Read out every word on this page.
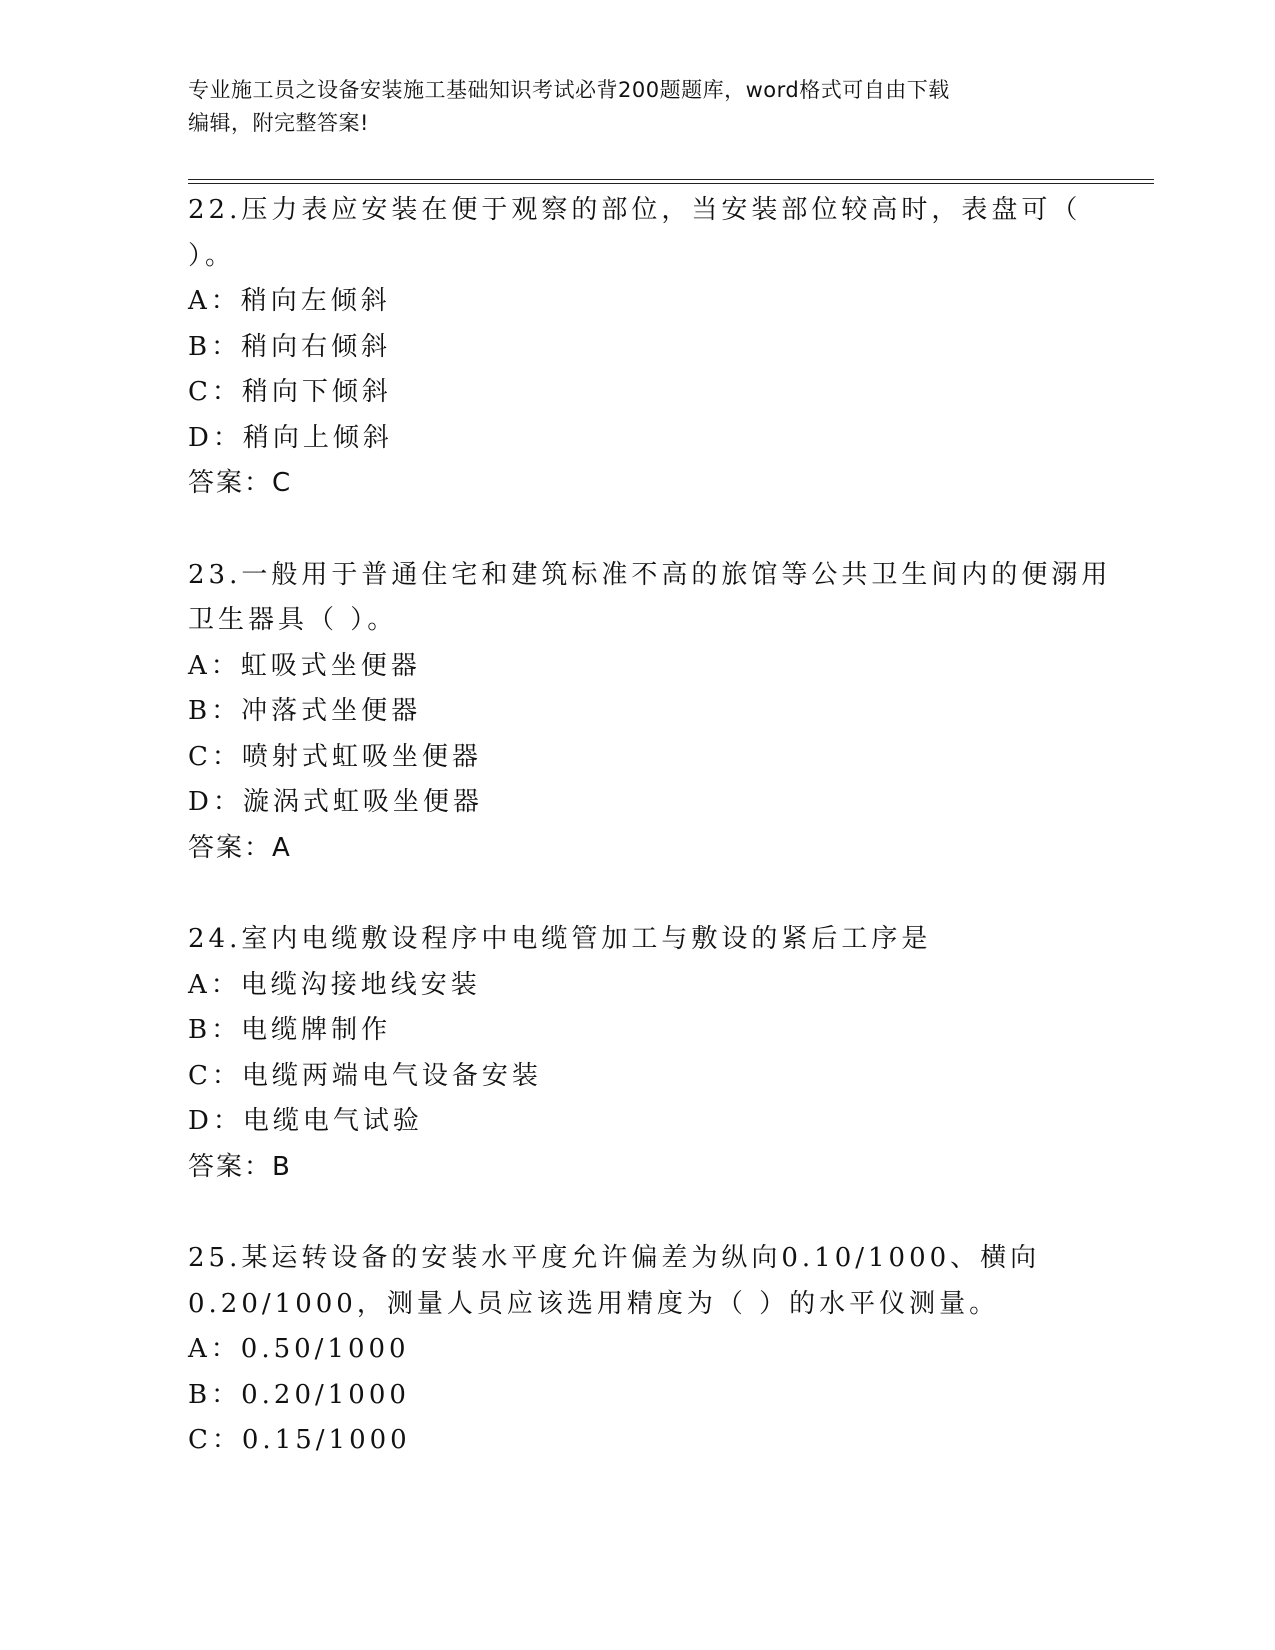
专业施工员之设备安装施工基础知识考试必背200题题库，word格式可自由下载
编辑，附完整答案!
22.压力表应安装在便于观察的部位，当安装部位较高时，表盘可（
）。
A：稍向左倾斜
B：稍向右倾斜
C：稍向下倾斜
D：稍向上倾斜
答案：C
23.一般用于普通住宅和建筑标准不高的旅馆等公共卫生间内的便溺用
卫生器具（ ）。
A：虹吸式坐便器
B：冲落式坐便器
C：喷射式虹吸坐便器
D：漩涡式虹吸坐便器
答案：A
24.室内电缆敷设程序中电缆管加工与敷设的紧后工序是
A：电缆沟接地线安装
B：电缆牌制作
C：电缆两端电气设备安装
D：电缆电气试验
答案：B
25.某运转设备的安装水平度允许偏差为纵向0.10/1000、横向
0.20/1000，测量人员应该选用精度为（ ）的水平仪测量。
A：0.50/1000
B：0.20/1000
C：0.15/1000
